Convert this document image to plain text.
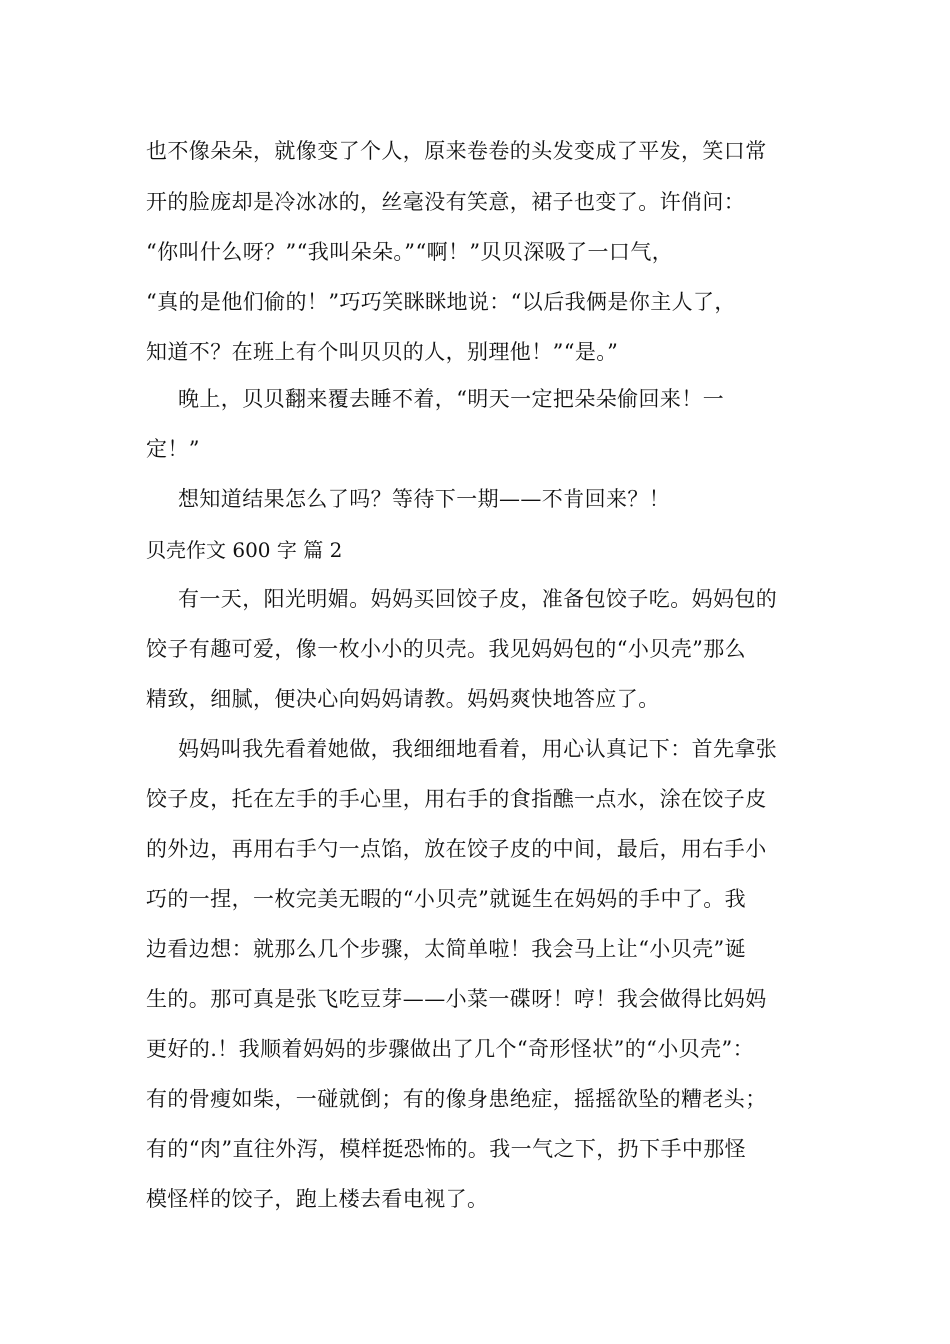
也不像朵朵，就像变了个人，原来卷卷的头发变成了平发，笑口常

开的脸庞却是冷冰冰的，丝毫没有笑意，裙子也变了。许俏问：

“你叫什么呀？”“我叫朵朵。”“啊！”贝贝深吸了一口气，

“真的是他们偷的！”巧巧笑眯眯地说：“以后我俩是你主人了，

知道不？在班上有个叫贝贝的人，别理他！”“是。”

晚上，贝贝翻来覆去睡不着，“明天一定把朵朵偷回来！一

定！”

想知道结果怎么了吗？等待下一期——不肯回来？！

贝壳作文 600 字 篇 2

有一天，阳光明媚。妈妈买回饺子皮，准备包饺子吃。妈妈包的

饺子有趣可爱，像一枚小小的贝壳。我见妈妈包的“小贝壳”那么

精致，细腻，便决心向妈妈请教。妈妈爽快地答应了。

妈妈叫我先看着她做，我细细地看着，用心认真记下：首先拿张

饺子皮，托在左手的手心里，用右手的食指醮一点水，涂在饺子皮

的外边，再用右手勺一点馅，放在饺子皮的中间，最后，用右手小

巧的一捏，一枚完美无暇的“小贝壳”就诞生在妈妈的手中了。我

边看边想：就那么几个步骤，太简单啦！我会马上让“小贝壳”诞

生的。那可真是张飞吃豆芽——小菜一碟呀！哼！我会做得比妈妈

更好的.！我顺着妈妈的步骤做出了几个“奇形怪状”的“小贝壳”：

有的骨瘦如柴，一碰就倒；有的像身患绝症，摇摇欲坠的糟老头；

有的“肉”直往外泻，模样挺恐怖的。我一气之下，扔下手中那怪

模怪样的饺子，跑上楼去看电视了。
